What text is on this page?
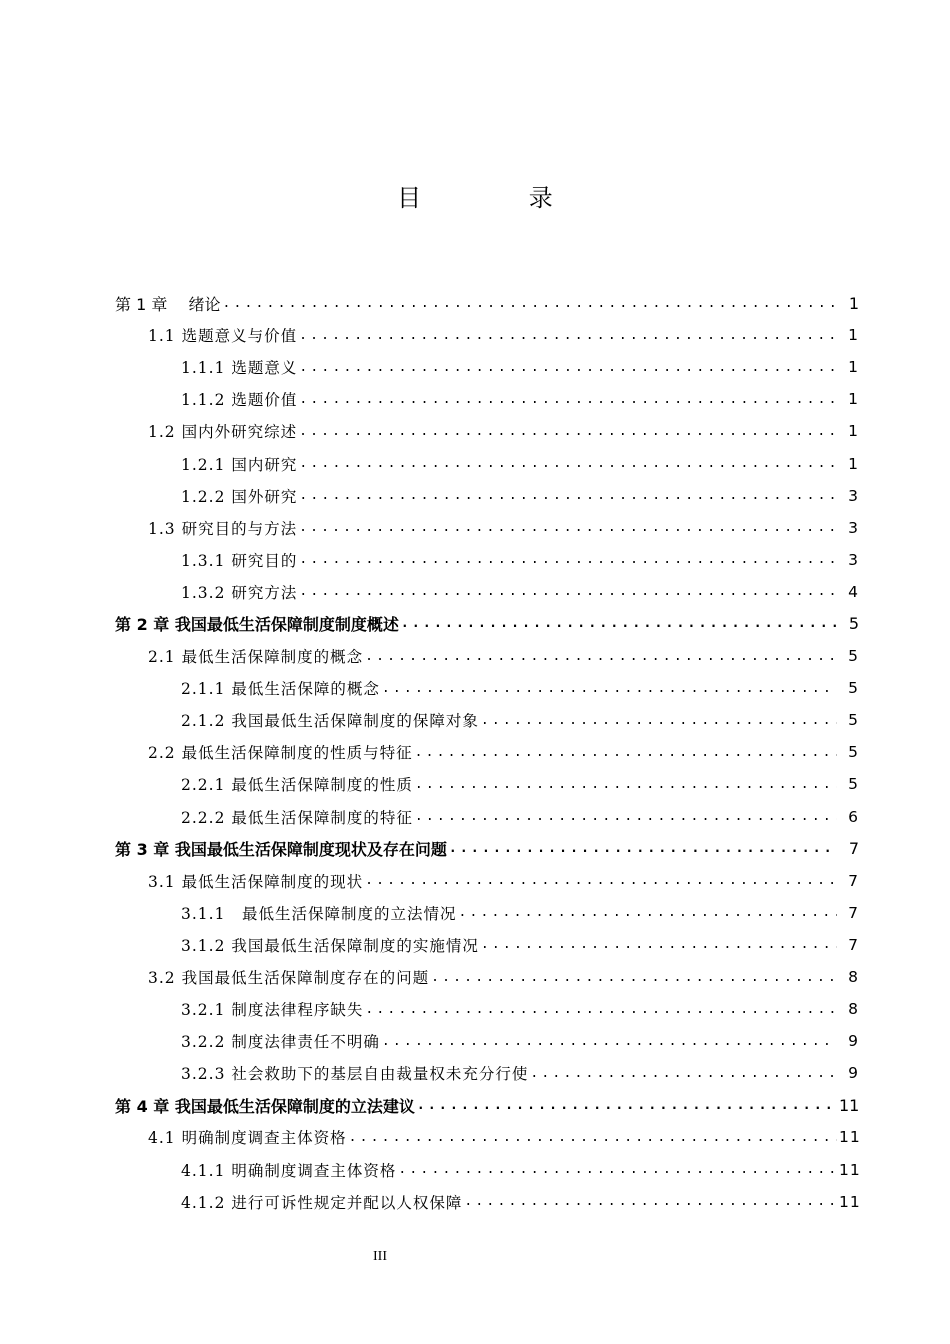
目 录
第 1 章　 绪论 .....	1
1.1 选题意义与价值 .....	1
1.1.1 选题意义 .....	1
1.1.2 选题价值 .....	1
1.2 国内外研究综述 .....	1
1.2.1 国内研究 .....	1
1.2.2 国外研究 .....	3
1.3 研究目的与方法 .....	3
1.3.1 研究目的 .....	3
1.3.2 研究方法 .....	4
第 2 章 我国最低生活保障制度制度概述 .....	5
2.1 最低生活保障制度的概念 .....	5
2.1.1 最低生活保障的概念 .....	5
2.1.2 我国最低生活保障制度的保障对象 .....	5
2.2 最低生活保障制度的性质与特征 .....	5
2.2.1 最低生活保障制度的性质 .....	5
2.2.2 最低生活保障制度的特征 .....	6
第 3 章 我国最低生活保障制度现状及存在问题 .....	7
3.1 最低生活保障制度的现状 .....	7
3.1.1　最低生活保障制度的立法情况 .....	7
3.1.2 我国最低生活保障制度的实施情况 .....	7
3.2 我国最低生活保障制度存在的问题 .....	8
3.2.1 制度法律程序缺失 .....	8
3.2.2 制度法律责任不明确 .....	9
3.2.3 社会救助下的基层自由裁量权未充分行使 .....	9
第 4 章 我国最低生活保障制度的立法建议 .....	11
4.1 明确制度调查主体资格 .....	11
4.1.1 明确制度调查主体资格 .....	11
4.1.2 进行可诉性规定并配以人权保障 .....	11
III
